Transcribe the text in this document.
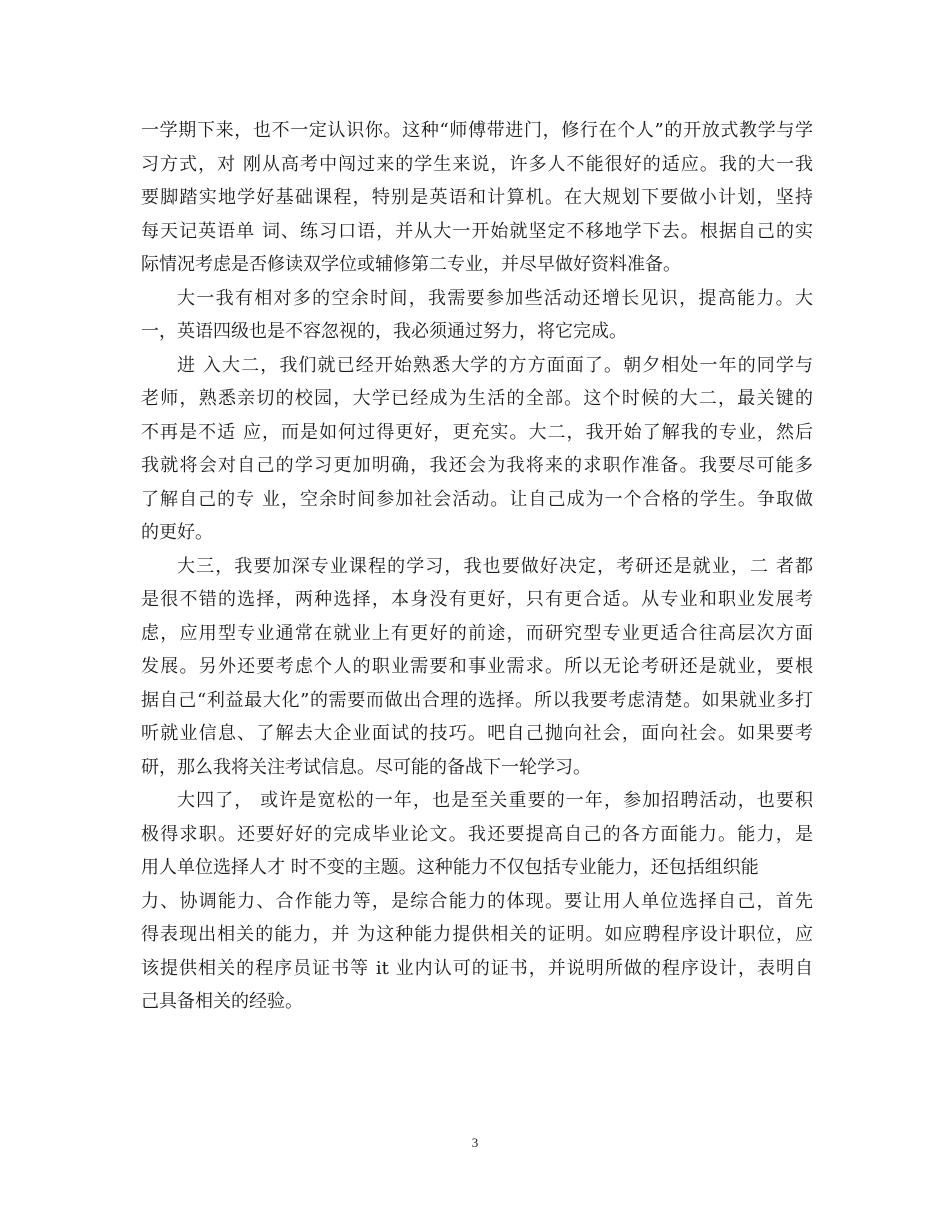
一学期下来，也不一定认识你。这种“师傅带进门，修行在个人”的开放式教学与学
习方式，对 刚从高考中闯过来的学生来说，许多人不能很好的适应。我的大一我
要脚踏实地学好基础课程，特别是英语和计算机。在大规划下要做小计划，坚持
每天记英语单 词、练习口语，并从大一开始就坚定不移地学下去。根据自己的实
际情况考虑是否修读双学位或辅修第二专业，并尽早做好资料准备。
大一我有相对多的空余时间，我需要参加些活动还增长见识，提高能力。大
一，英语四级也是不容忽视的，我必须通过努力，将它完成。
进 入大二，我们就已经开始熟悉大学的方方面面了。朝夕相处一年的同学与
老师，熟悉亲切的校园，大学已经成为生活的全部。这个时候的大二，最关键的
不再是不适 应，而是如何过得更好，更充实。大二，我开始了解我的专业，然后
我就将会对自己的学习更加明确，我还会为我将来的求职作准备。我要尽可能多
了解自己的专 业，空余时间参加社会活动。让自己成为一个合格的学生。争取做
的更好。
大三，我要加深专业课程的学习，我也要做好决定，考研还是就业，二 者都
是很不错的选择，两种选择，本身没有更好，只有更合适。从专业和职业发展考
虑，应用型专业通常在就业上有更好的前途，而研究型专业更适合往高层次方面
发展。另外还要考虑个人的职业需要和事业需求。所以无论考研还是就业，要根
据自己“利益最大化”的需要而做出合理的选择。所以我要考虑清楚。如果就业多打
听就业信息、了解去大企业面试的技巧。吧自己抛向社会，面向社会。如果要考
研，那么我将关注考试信息。尽可能的备战下一轮学习。
大四了， 或许是宽松的一年，也是至关重要的一年，参加招聘活动，也要积
极得求职。还要好好的完成毕业论文。我还要提高自己的各方面能力。能力，是
用人单位选择人才 时不变的主题。这种能力不仅包括专业能力，还包括组织能
力、协调能力、合作能力等，是综合能力的体现。要让用人单位选择自己，首先
得表现出相关的能力，并 为这种能力提供相关的证明。如应聘程序设计职位，应
该提供相关的程序员证书等 it 业内认可的证书，并说明所做的程序设计，表明自
己具备相关的经验。
3
